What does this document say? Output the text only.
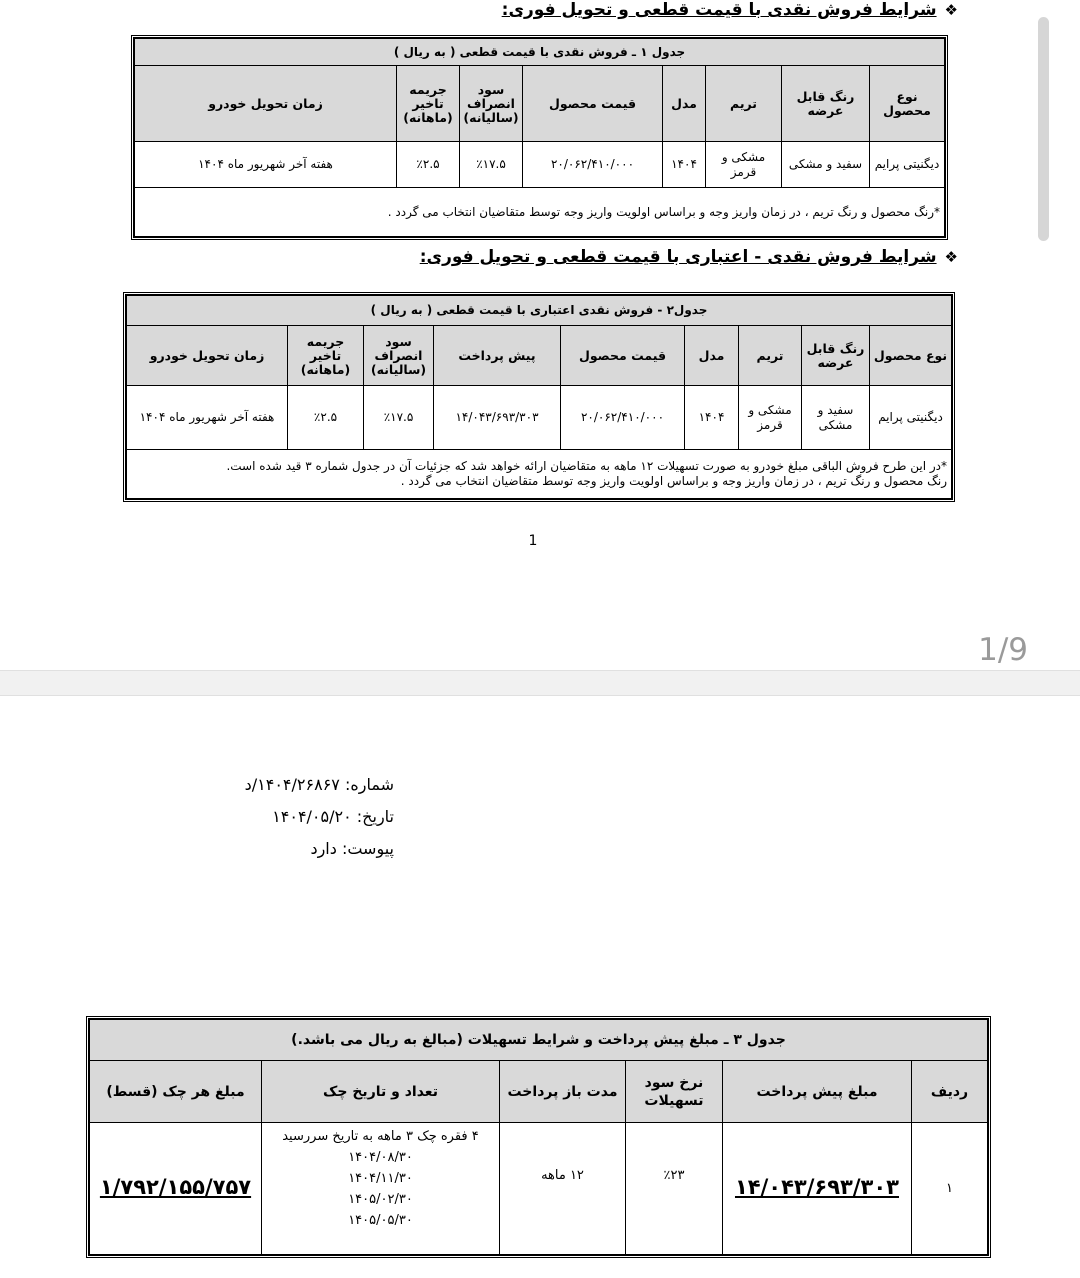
❖
شرایط فروش نقدی با قیمت قطعی و تحویل فوری:
جدول ۱ ـ فروش نقدی با قیمت قطعی ( به ریال )							
نوع محصول	رنگ قابل عرضه	تریم	مدل	قیمت محصول	سود انصراف (سالیانه)	جریمه تاخیر (ماهانه)	زمان تحویل خودرو
دیگنیتی پرایم	سفید و مشکی	مشکی و قرمز	۱۴۰۴	۲۰/۰۶۲/۴۱۰/۰۰۰	٪۱۷.۵	٪۲.۵	هفته آخر شهریور ماه ۱۴۰۴
*رنگ محصول و رنگ تریم ، در زمان واریز وجه و براساس اولویت واریز وجه توسط متقاضیان انتخاب می گردد .							
❖
شرایط فروش نقدی - اعتباری با قیمت قطعی و تحویل فوری:
جدول۲ - فروش نقدی اعتباری با قیمت قطعی ( به ریال )								
نوع محصول	رنگ قابل عرضه	تریم	مدل	قیمت محصول	پیش پرداخت	سود انصراف (سالیانه)	جریمه تاخیر (ماهانه)	زمان تحویل خودرو
دیگنیتی پرایم	سفید و مشکی	مشکی و قرمز	۱۴۰۴	۲۰/۰۶۲/۴۱۰/۰۰۰	۱۴/۰۴۳/۶۹۳/۳۰۳	٪۱۷.۵	٪۲.۵	هفته آخر شهریور ماه ۱۴۰۴

*در این طرح فروش الباقی مبلغ خودرو به صورت تسهیلات ۱۲ ماهه به متقاضیان ارائه خواهد شد که جزئیات آن در جدول شماره ۳ قید شده است.
رنگ محصول و رنگ تریم ، در زمان واریز وجه و براساس اولویت واریز وجه توسط متقاضیان انتخاب می گردد .								
1
1/9
شماره: ۱۴۰۴/۲۶۸۶۷/د
تاریخ: ۱۴۰۴/۰۵/۲۰
پیوست: دارد
جدول ۳ ـ مبلغ پیش پرداخت و شرایط تسهیلات (مبالغ به ریال می باشد.)					
ردیف	مبلغ پیش پرداخت	نرخ سود تسهیلات	مدت باز پرداخت	تعداد و تاریخ چک	مبلغ هر چک (قسط)
۱	۱۴/۰۴۳/۶۹۳/۳۰۳	٪۲۳	۱۲ ماهه	۴ فقره چک ۳ ماهه به تاریخ سررسید
۱۴۰۴/۰۸/۳۰
۱۴۰۴/۱۱/۳۰
۱۴۰۵/۰۲/۳۰
۱۴۰۵/۰۵/۳۰	۱/۷۹۲/۱۵۵/۷۵۷
